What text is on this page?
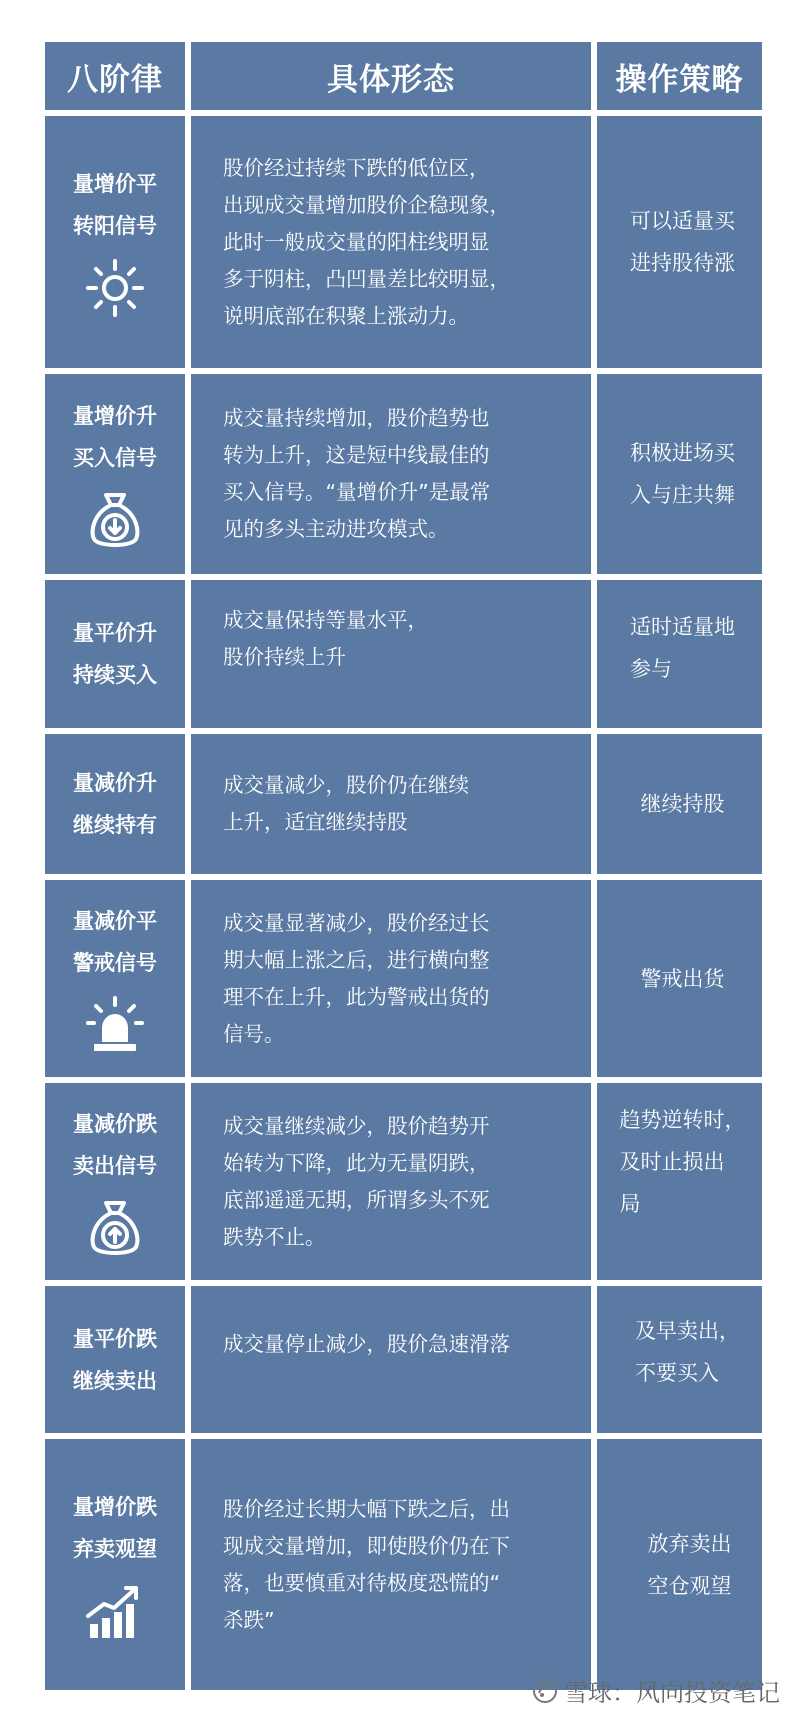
八阶律	具体形态	操作策略
量增价平
转阳信号
股价经过持续下跌的低位区，
出现成交量增加股价企稳现象，
此时一般成交量的阳柱线明显
多于阴柱，凸凹量差比较明显，
说明底部在积聚上涨动力。
可以适量买
进持股待涨
量增价升
买入信号
成交量持续增加，股价趋势也
转为上升，这是短中线最佳的
买入信号。“量增价升”是最常
见的多头主动进攻模式。
积极进场买
入与庄共舞
量平价升
持续买入
成交量保持等量水平，
股价持续上升
适时适量地
参与
量减价升
继续持有
成交量减少，股价仍在继续
上升，适宜继续持股
继续持股
量减价平
警戒信号
成交量显著减少，股价经过长
期大幅上涨之后，进行横向整
理不在上升，此为警戒出货的
信号。
警戒出货
量减价跌
卖出信号
成交量继续减少，股价趋势开
始转为下降，此为无量阴跌，
底部遥遥无期，所谓多头不死
跌势不止。
趋势逆转时，
及时止损出
局
量平价跌
继续卖出
成交量停止减少，股价急速滑落
及早卖出，
不要买入
量增价跌
弃卖观望
股价经过长期大幅下跌之后，出
现成交量增加，即使股价仍在下
落，也要慎重对待极度恐慌的“
杀跌”
放弃卖出
空仓观望
雪球：风向投资笔记
